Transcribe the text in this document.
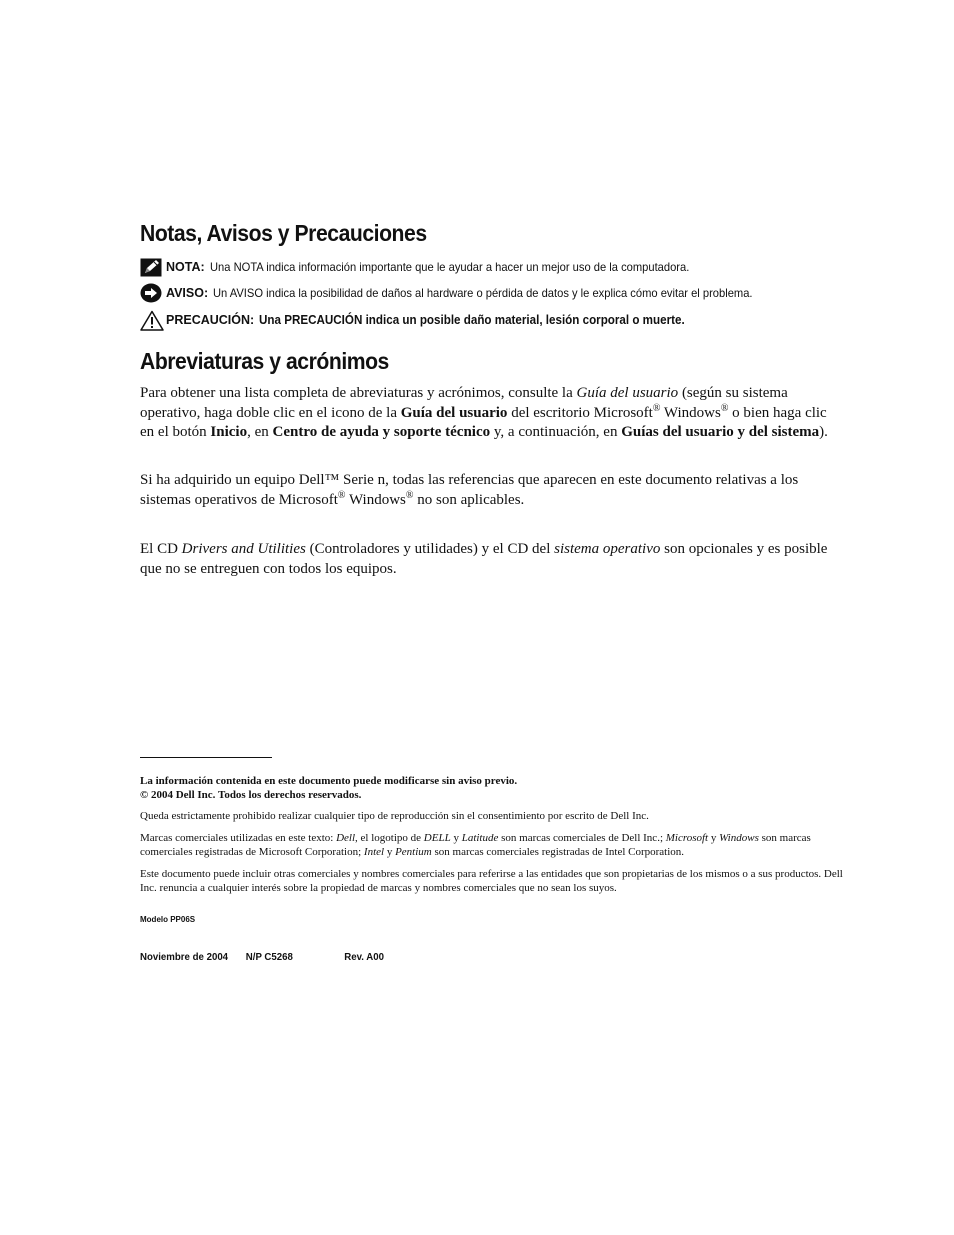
Notas, Avisos y Precauciones
NOTA: Una NOTA indica información importante que le ayudar a hacer un mejor uso de la computadora.
AVISO: Un AVISO indica la posibilidad de daños al hardware o pérdida de datos y le explica cómo evitar el problema.
PRECAUCIÓN: Una PRECAUCIÓN indica un posible daño material, lesión corporal o muerte.
Abreviaturas y acrónimos

Para obtener una lista completa de abreviaturas y acrónimos, consulte la Guía del usuario (según su sistema operativo, haga doble clic en el icono de la Guía del usuario del escritorio Microsoft® Windows® o bien haga clic en el botón Inicio, en Centro de ayuda y soporte técnico y, a continuación, en Guías del usuario y del sistema).

Si ha adquirido un equipo Dell™ Serie n, todas las referencias que aparecen en este documento relativas a los sistemas operativos de Microsoft® Windows® no son aplicables.

El CD Drivers and Utilities (Controladores y utilidades) y el CD del sistema operativo son opcionales y es posible que no se entreguen con todos los equipos.

La información contenida en este documento puede modificarse sin aviso previo.
© 2004 Dell Inc. Todos los derechos reservados.

Queda estrictamente prohibido realizar cualquier tipo de reproducción sin el consentimiento por escrito de Dell Inc.

Marcas comerciales utilizadas en este texto: Dell, el logotipo de DELL y Latitude son marcas comerciales de Dell Inc.; Microsoft y Windows son marcas comerciales registradas de Microsoft Corporation; Intel y Pentium son marcas comerciales registradas de Intel Corporation.

Este documento puede incluir otras comerciales y nombres comerciales para referirse a las entidades que son propietarias de los mismos o a sus productos. Dell Inc. renuncia a cualquier interés sobre la propiedad de marcas y nombres comerciales que no sean los suyos.

Modelo PP06S
Noviembre de 2004 N/P C5268	Rev. A00
